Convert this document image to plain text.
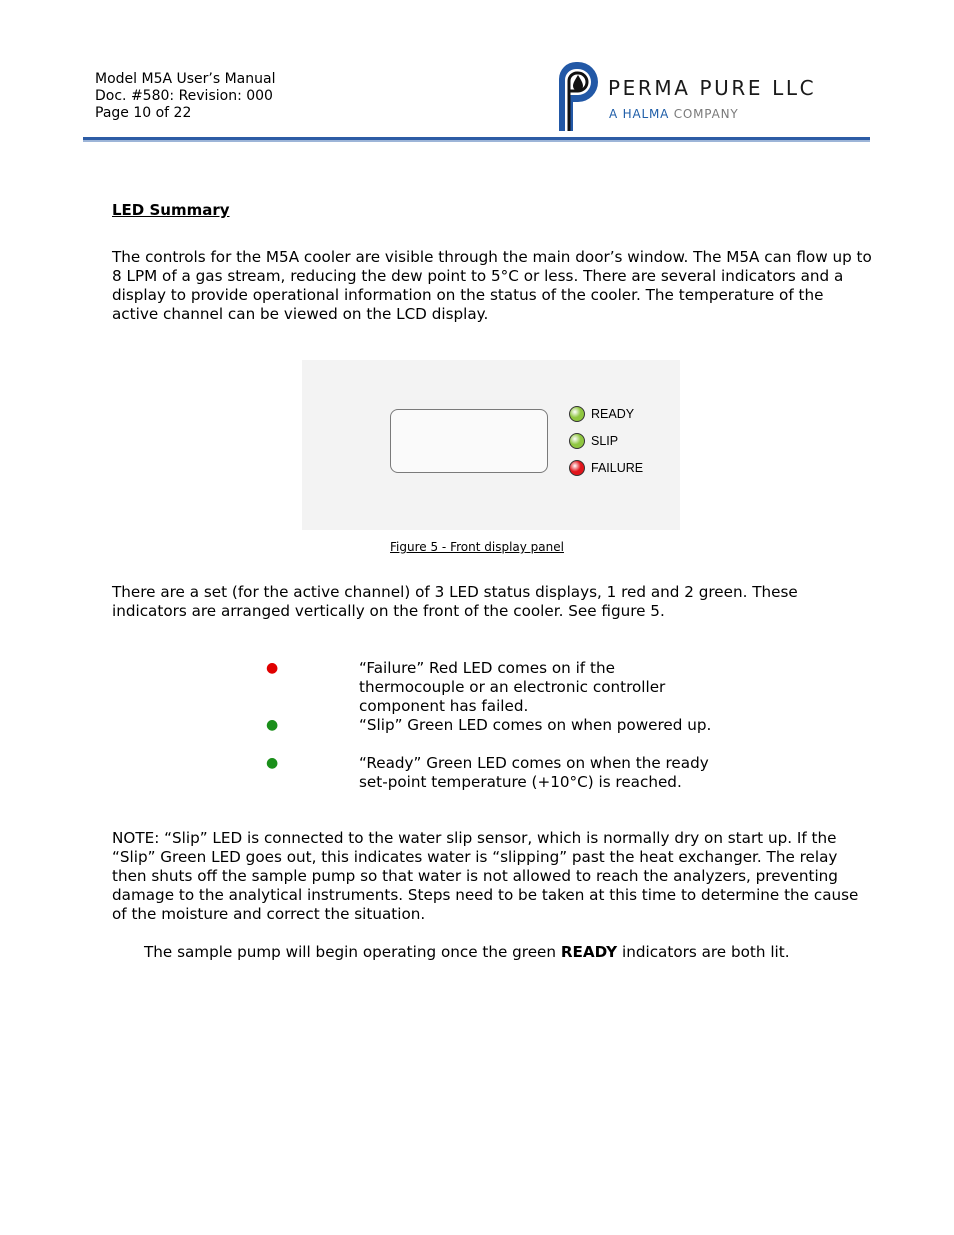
Model M5A User’s Manual
Doc. #580: Revision: 000
Page 10 of 22
PERMA PURE LLC
A HALMA COMPANY
LED Summary
The controls for the M5A cooler are visible through the main door’s window. The M5A can flow up to 8 LPM of a gas stream, reducing the dew point to 5°C or less. There are several indicators and a display to provide operational information on the status of the cooler. The temperature of the active channel can be viewed on the LCD display.
READY
SLIP
FAILURE
Figure 5 - Front display panel
There are a set (for the active channel) of 3 LED status displays, 1 red and 2 green. These indicators are arranged vertically on the front of the cooler. See figure 5.
●	“Failure” Red LED comes on if the thermocouple or an electronic controller component has failed.
●	“Slip” Green LED comes on when powered up.
●	“Ready” Green LED comes on when the ready set-point temperature (+10°C) is reached.
NOTE: “Slip” LED is connected to the water slip sensor, which is normally dry on start up. If the “Slip” Green LED goes out, this indicates water is “slipping” past the heat exchanger. The relay then shuts off the sample pump so that water is not allowed to reach the analyzers, preventing damage to the analytical instruments. Steps need to be taken at this time to determine the cause of the moisture and correct the situation.
The sample pump will begin operating once the green READY indicators are both lit.
